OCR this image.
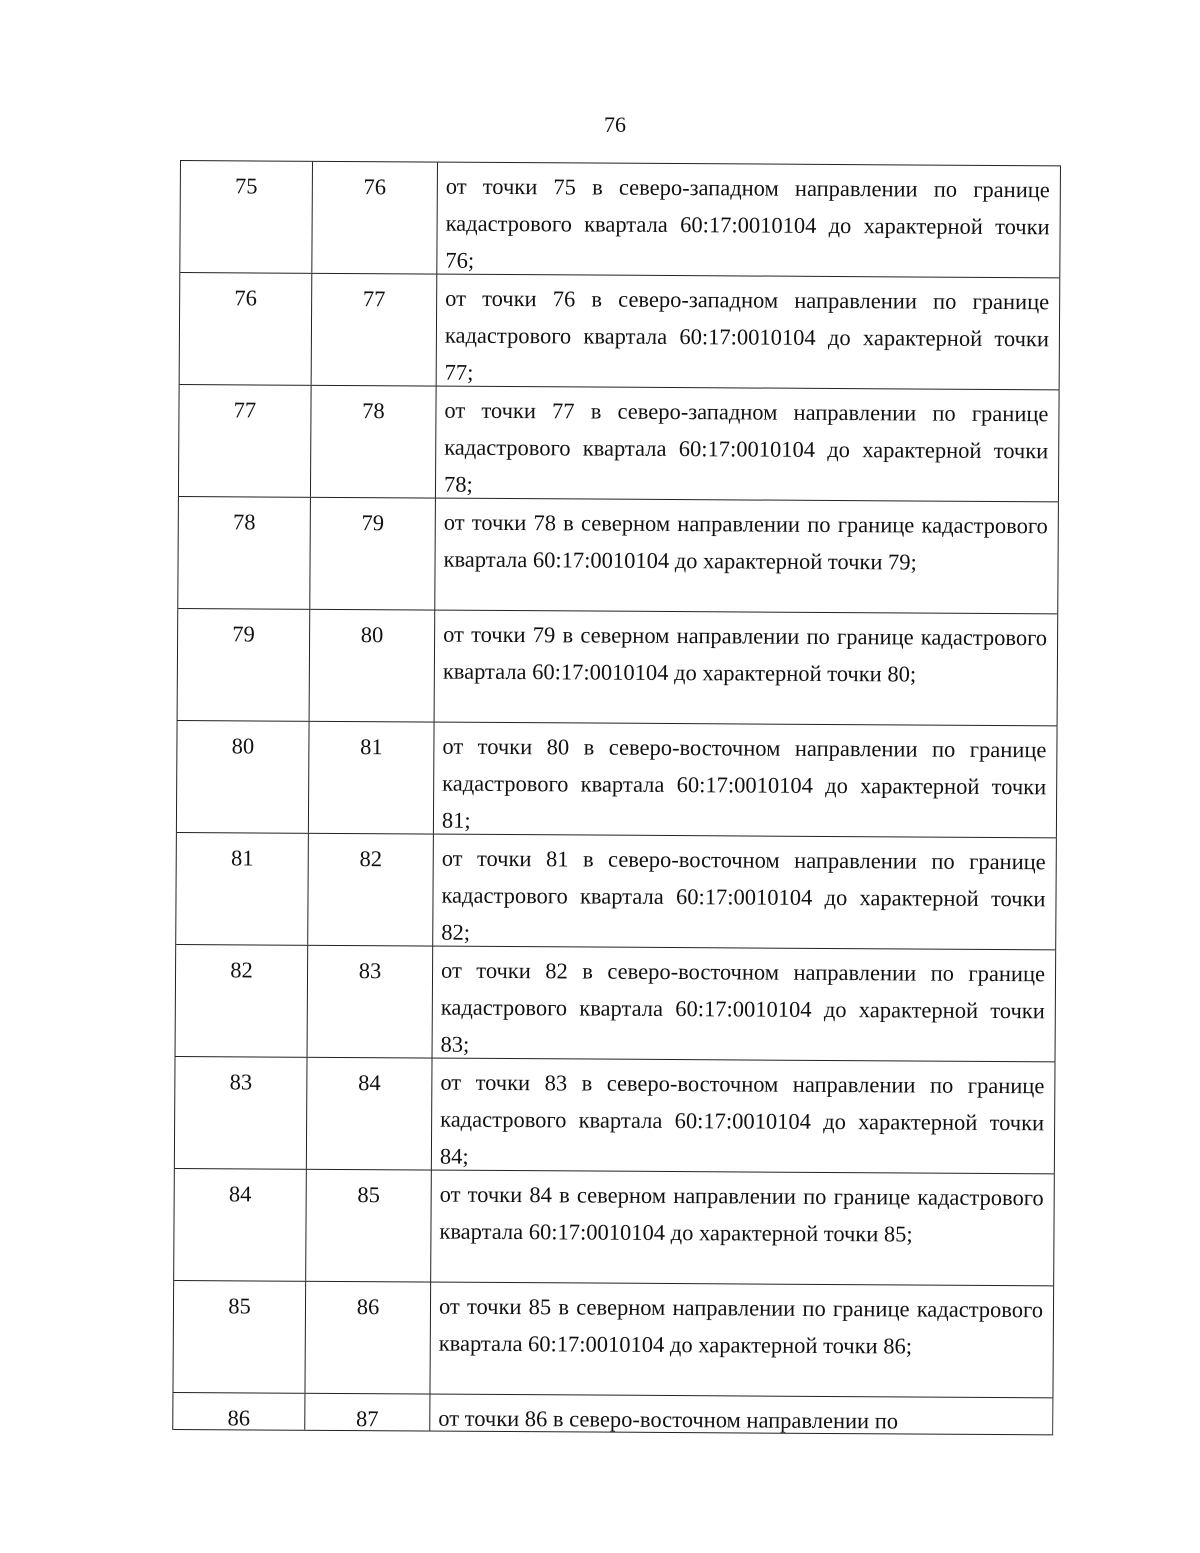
76
75	76	от точки 75 в северо-западном направлении по границе кадастрового квартала 60:17:0010104 до характерной точки 76;
76	77	от точки 76 в северо-западном направлении по границе кадастрового квартала 60:17:0010104 до характерной точки 77;
77	78	от точки 77 в северо-западном направлении по границе кадастрового квартала 60:17:0010104 до характерной точки 78;
78	79	от точки 78 в северном направлении по границе кадастрового квартала 60:17:0010104 до характерной точки 79;
79	80	от точки 79 в северном направлении по границе кадастрового квартала 60:17:0010104 до характерной точки 80;
80	81	от точки 80 в северо-восточном направлении по границе кадастрового квартала 60:17:0010104 до характерной точки 81;
81	82	от точки 81 в северо-восточном направлении по границе кадастрового квартала 60:17:0010104 до характерной точки 82;
82	83	от точки 82 в северо-восточном направлении по границе кадастрового квартала 60:17:0010104 до характерной точки 83;
83	84	от точки 83 в северо-восточном направлении по границе кадастрового квартала 60:17:0010104 до характерной точки 84;
84	85	от точки 84 в северном направлении по границе кадастрового квартала 60:17:0010104 до характерной точки 85;
85	86	от точки 85 в северном направлении по границе кадастрового квартала 60:17:0010104 до характерной точки 86;
86	87	от точки 86 в северо-восточном направлении по
